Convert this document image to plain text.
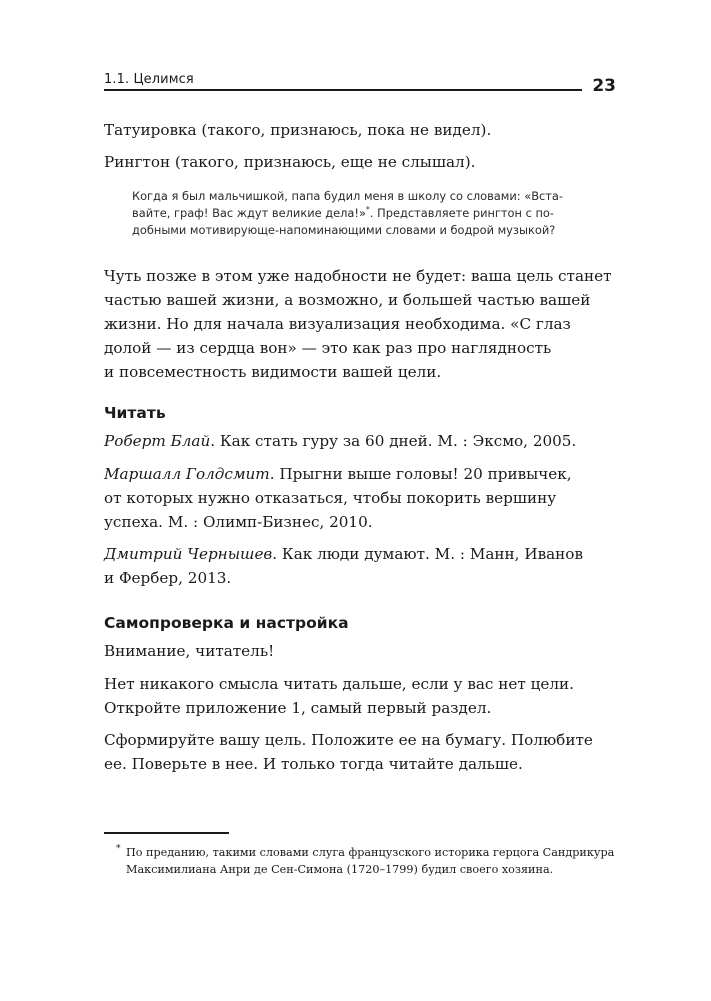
1.1. Целимся	23

Татуировка (такого, признаюсь, пока не видел).

Рингтон (такого, признаюсь, еще не слышал).

Когда я был мальчишкой, папа будил меня в школу со словами: «Вста-
вайте, граф! Вас ждут великие дела!»*. Представляете рингтон с по-
добными мотивирующе-напоминающими словами и бодрой музыкой?

Чуть позже в этом уже надобности не будет: ваша цель станет

частью вашей жизни, а возможно, и большей частью вашей

жизни. Но для начала визуализация необходима. «С глаз

долой — из сердца вон» — это как раз про наглядность

и повсеместность видимости вашей цели.

Читать
Роберт Блай. Как стать гуру за 60 дней. М. : Эксмо, 2005.
Маршалл Голдсмит. Прыгни выше головы! 20 привычек,
от которых нужно отказаться, чтобы покорить вершину
успеха. М. : Олимп-Бизнес, 2010.
Дмитрий Чернышев. Как люди думают. М. : Манн, Иванов
и Фербер, 2013.
Самопроверка и настройка
Внимание, читатель!
Нет никакого смысла читать дальше, если у вас нет цели.
Откройте приложение 1, самый первый раздел.
Сформируйте вашу цель. Положите ее на бумагу. Полюбите
ее. Поверьте в нее. И только тогда читайте дальше.
* По преданию, такими словами слуга французского историка герцога Сандрикура
Максимилиана Анри де Сен-Симона (1720–1799) будил своего хозяина.
